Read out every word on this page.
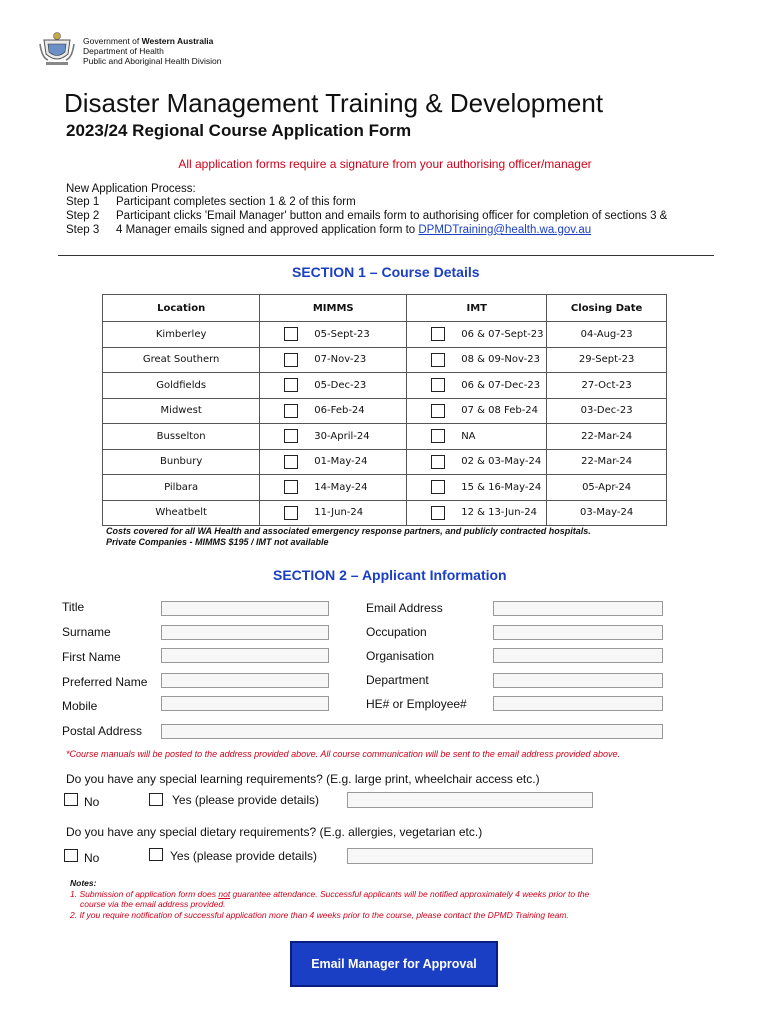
Government of Western Australia
Department of Health
Public and Aboriginal Health Division
Disaster Management Training & Development
2023/24 Regional Course Application Form
All application forms require a signature from your authorising officer/manager
New Application Process:
Step 1 Participant completes section 1 & 2 of this form
Step 2 Participant clicks 'Email Manager' button and emails form to authorising officer for completion of sections 3 &
Step 3 4 Manager emails signed and approved application form to DPMDTraining@health.wa.gov.au
SECTION 1 – Course Details
Location	MIMMS	IMT	Closing Date
Kimberley	05-Sept-23	06 & 07-Sept-23	04-Aug-23
Great Southern	07-Nov-23	08 & 09-Nov-23	29-Sept-23
Goldfields	05-Dec-23	06 & 07-Dec-23	27-Oct-23
Midwest	06-Feb-24	07 & 08 Feb-24	03-Dec-23
Busselton	30-April-24	NA	22-Mar-24
Bunbury	01-May-24	02 & 03-May-24	22-Mar-24
Pilbara	14-May-24	15 & 16-May-24	05-Apr-24
Wheatbelt	11-Jun-24	12 & 13-Jun-24	03-May-24
Costs covered for all WA Health and associated emergency response partners, and publicly contracted hospitals.
Private Companies - MIMMS $195 / IMT not available
SECTION 2 – Applicant Information
Title
Surname
First Name
Preferred Name
Mobile
Email Address
Occupation
Organisation
Department
HE# or Employee#
Postal Address
*Course manuals will be posted to the address provided above. All course communication will be sent to the email address provided above.
Do you have any special learning requirements? (E.g. large print, wheelchair access etc.)
No	Yes (please provide details)
Do you have any special dietary requirements? (E.g. allergies, vegetarian etc.)
No	Yes (please provide details)
Notes:
1. Submission of application form does not guarantee attendance. Successful applicants will be notified approximately 4 weeks prior to the
course via the email address provided.
2. If you require notification of successful application more than 4 weeks prior to the course, please contact the DPMD Training team.
Email Manager for Approval
